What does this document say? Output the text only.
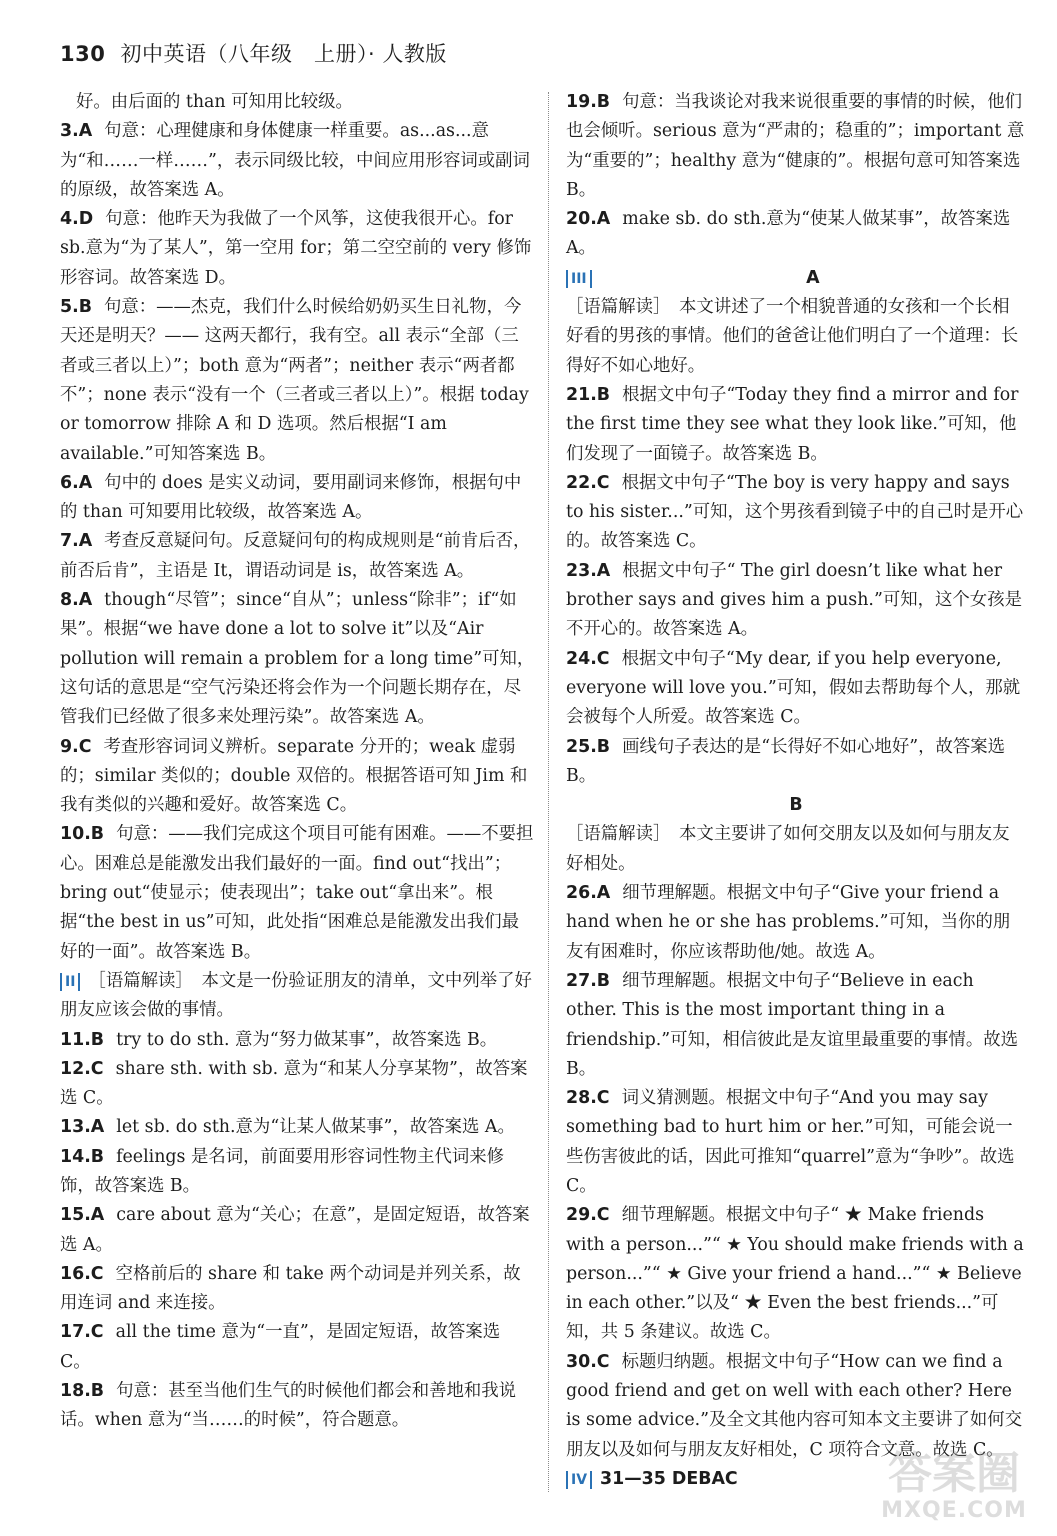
130 初中英语（八年级　上册）· 人教版

好。由后面的 than 可知用比较级。

3.A 句意：心理健康和身体健康一样重要。as...as...意为“和……一样……”，表示同级比较，中间应用形容词或副词的原级，故答案选 A。

4.D 句意：他昨天为我做了一个风筝，这使我很开心。for sb.意为“为了某人”，第一空用 for；第二空空前的 very 修饰形容词。故答案选 D。

5.B 句意：——杰克，我们什么时候给奶奶买生日礼物，今天还是明天？—— 这两天都行，我有空。all 表示“全部（三者或三者以上）”；both 意为“两者”；neither 表示“两者都不”；none 表示“没有一个（三者或三者以上）”。根据 today or tomorrow 排除 A 和 D 选项。然后根据“I am available.”可知答案选 B。

6.A 句中的 does 是实义动词，要用副词来修饰，根据句中的 than 可知要用比较级，故答案选 A。

7.A 考查反意疑问句。反意疑问句的构成规则是“前肯后否，前否后肯”，主语是 It，谓语动词是 is，故答案选 A。

8.A though“尽管”；since“自从”；unless“除非”；if“如果”。根据“we have done a lot to solve it”以及“Air pollution will remain a problem for a long time”可知，这句话的意思是“空气污染还将会作为一个问题长期存在，尽管我们已经做了很多来处理污染”。故答案选 A。

9.C 考查形容词词义辨析。separate 分开的；weak 虚弱的；similar 类似的；double 双倍的。根据答语可知 Jim 和我有类似的兴趣和爱好。故答案选 C。

10.B 句意：——我们完成这个项目可能有困难。——不要担心。困难总是能激发出我们最好的一面。find out“找出”；bring out“使显示；使表现出”；take out“拿出来”。根据“the best in us”可知，此处指“困难总是能激发出我们最好的一面”。故答案选 B。

II ［语篇解读］　本文是一份验证朋友的清单，文中列举了好朋友应该会做的事情。

11.B try to do sth. 意为“努力做某事”，故答案选 B。

12.C share sth. with sb. 意为“和某人分享某物”，故答案选 C。

13.A let sb. do sth.意为“让某人做某事”，故答案选 A。

14.B feelings 是名词，前面要用形容词性物主代词来修饰，故答案选 B。

15.A care about 意为“关心；在意”，是固定短语，故答案选 A。

16.C 空格前后的 share 和 take 两个动词是并列关系，故用连词 and 来连接。

17.C all the time 意为“一直”，是固定短语，故答案选 C。

18.B 句意：甚至当他们生气的时候他们都会和善地和我说话。when 意为“当……的时候”，符合题意。

19.B 句意：当我谈论对我来说很重要的事情的时候，他们也会倾听。serious 意为“严肃的；稳重的”；important 意为“重要的”；healthy 意为“健康的”。根据句意可知答案选 B。

20.A make sb. do sth.意为“使某人做某事”，故答案选 A。

III	A

［语篇解读］　本文讲述了一个相貌普通的女孩和一个长相好看的男孩的事情。他们的爸爸让他们明白了一个道理：长得好不如心地好。

21.B 根据文中句子“Today they find a mirror and for the first time they see what they look like.”可知，他们发现了一面镜子。故答案选 B。

22.C 根据文中句子“The boy is very happy and says to his sister...”可知，这个男孩看到镜子中的自己时是开心的。故答案选 C。

23.A 根据文中句子“ The girl doesn’t like what her brother says and gives him a push.”可知，这个女孩是不开心的。故答案选 A。

24.C 根据文中句子“My dear, if you help everyone, everyone will love you.”可知，假如去帮助每个人，那就会被每个人所爱。故答案选 C。

25.B 画线句子表达的是“长得好不如心地好”，故答案选 B。

B

［语篇解读］　本文主要讲了如何交朋友以及如何与朋友友好相处。

26.A 细节理解题。根据文中句子“Give your friend a hand when he or she has problems.”可知，当你的朋友有困难时，你应该帮助他/她。故选 A。

27.B 细节理解题。根据文中句子“Believe in each other. This is the most important thing in a friendship.”可知，相信彼此是友谊里最重要的事情。故选 B。

28.C 词义猜测题。根据文中句子“And you may say something bad to hurt him or her.”可知，可能会说一些伤害彼此的话，因此可推知“quarrel”意为“争吵”。故选 C。

29.C 细节理解题。根据文中句子“ ★ Make friends with a person...”“ ★ You should make friends with a person...”“ ★ Give your friend a hand...”“ ★ Believe in each other.”以及“ ★ Even the best friends...”可知，共 5 条建议。故选 C。

30.C 标题归纳题。根据文中句子“How can we find a good friend and get on well with each other? Here is some advice.”及全文其他内容可知本文主要讲了如何交朋友以及如何与朋友友好相处，C 项符合文意。故选 C。

IV 31—35 DEBAC	答案圈
MXQE.COM
